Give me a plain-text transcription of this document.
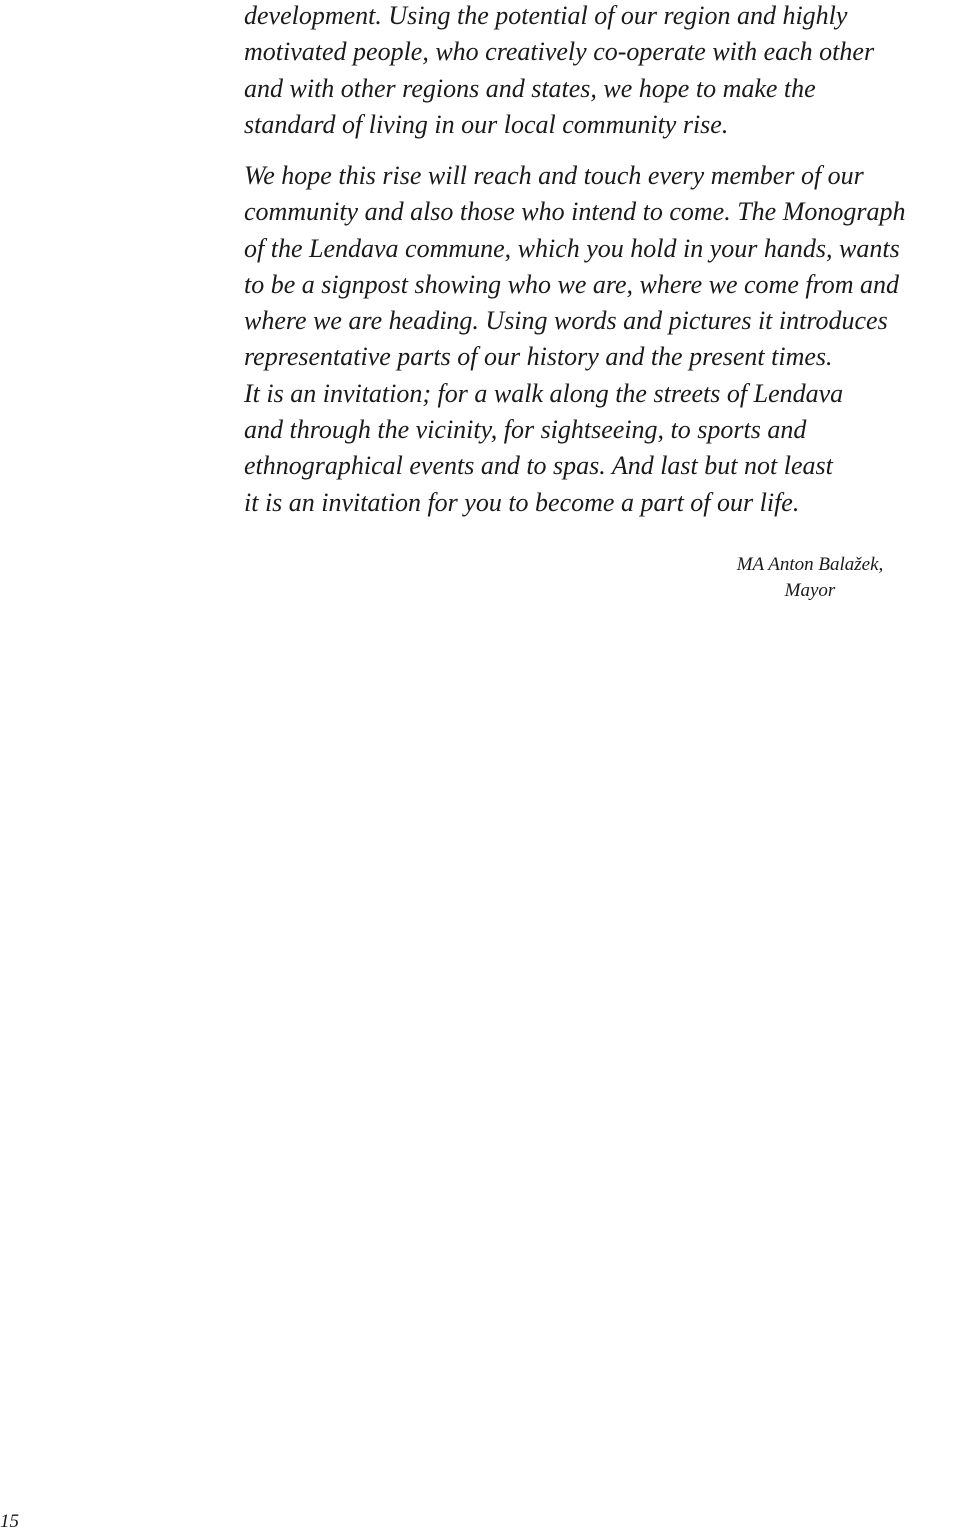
development. Using the potential of our region and highly
motivated people, who creatively co-operate with each other
and with other regions and states, we hope to make the
standard of living in our local community rise.
We hope this rise will reach and touch every member of our
community and also those who intend to come. The Monograph
of the Lendava commune, which you hold in your hands, wants
to be a signpost showing who we are, where we come from and
where we are heading. Using words and pictures it introduces
representative parts of our history and the present times.
It is an invitation; for a walk along the streets of Lendava
and through the vicinity, for sightseeing, to sports and
ethnographical events and to spas. And last but not least
it is an invitation for you to become a part of our life.
MA Anton Balažek,
Mayor
15
